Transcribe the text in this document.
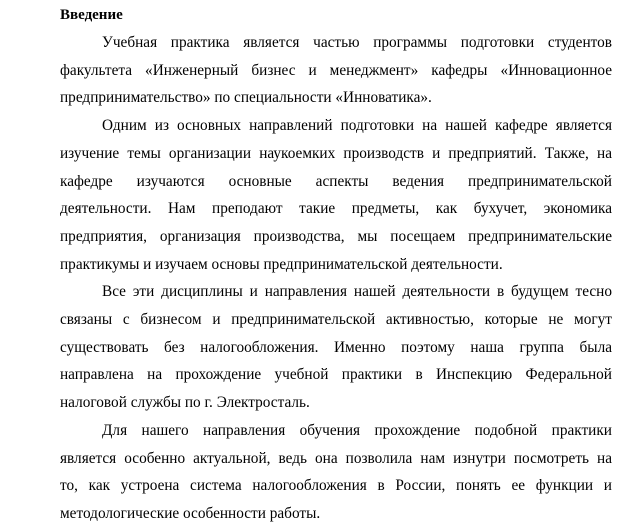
Введение

Учебная практика является частью программы подготовки студентов
факультета «Инженерный бизнес и менеджмент» кафедры «Инновационное
предпринимательство» по специальности «Инноватика».

Одним из основных направлений подготовки на нашей кафедре является
изучение темы организации наукоемких производств и предприятий. Также, на
кафедре изучаются основные аспекты ведения предпринимательской
деятельности. Нам преподают такие предметы, как бухучет, экономика
предприятия, организация производства, мы посещаем предпринимательские
практикумы и изучаем основы предпринимательской деятельности.

Все эти дисциплины и направления нашей деятельности в будущем тесно
связаны с бизнесом и предпринимательской активностью, которые не могут
существовать без налогообложения. Именно поэтому наша группа была
направлена на прохождение учебной практики в Инспекцию Федеральной
налоговой службы по г. Электросталь.

Для нашего направления обучения прохождение подобной практики
является особенно актуальной, ведь она позволила нам изнутри посмотреть на
то, как устроена система налогообложения в России, понять ее функции и
методологические особенности работы.
